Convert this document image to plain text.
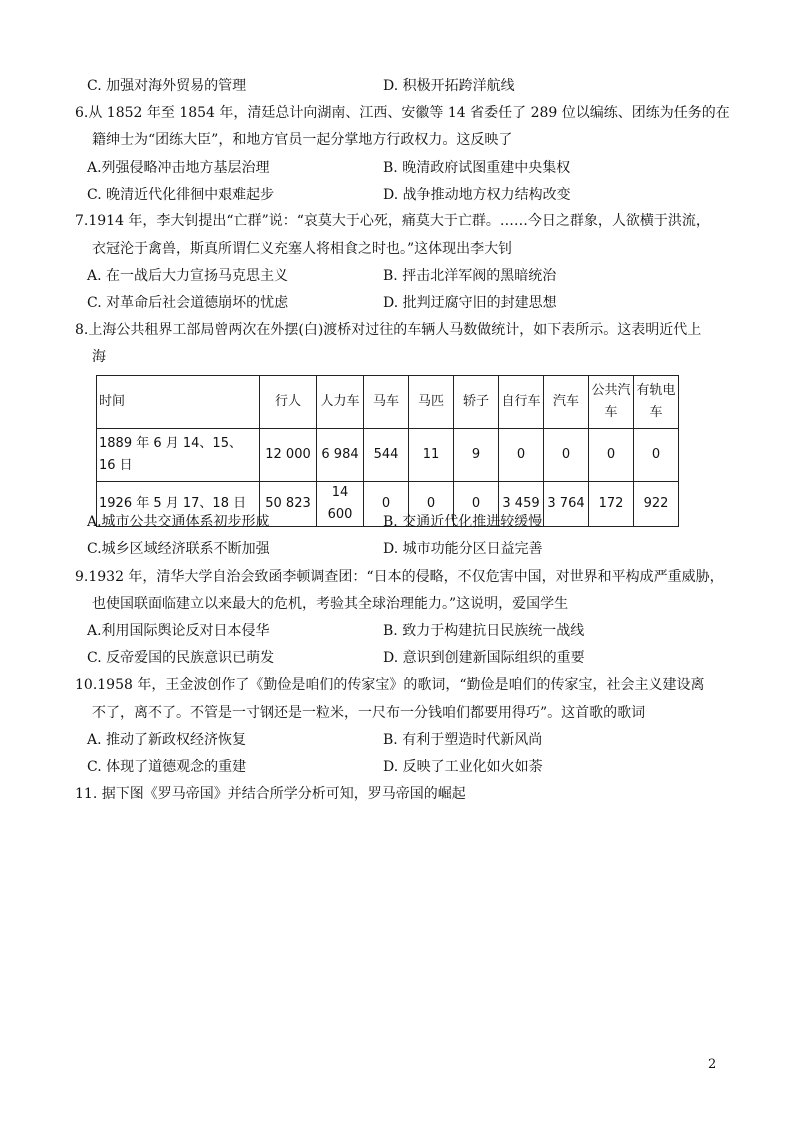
C. 加强对海外贸易的管理	D. 积极开拓跨洋航线
6.从 1852 年至 1854 年，清廷总计向湖南、江西、安徽等 14 省委任了 289 位以编练、团练为任务的在
籍绅士为“团练大臣”，和地方官员一起分掌地方行政权力。这反映了
A.列强侵略冲击地方基层治理	B. 晚清政府试图重建中央集权
C. 晚清近代化徘徊中艰难起步	D. 战争推动地方权力结构改变
7.1914 年，李大钊提出“亡群”说：“哀莫大于心死，痛莫大于亡群。……今日之群象，人欲横于洪流，
衣冠沦于禽兽，斯真所谓仁义充塞人将相食之时也。”这体现出李大钊
A. 在一战后大力宣扬马克思主义	B. 抨击北洋军阀的黑暗统治
C. 对革命后社会道德崩坏的忧虑	D. 批判迂腐守旧的封建思想
8.上海公共租界工部局曾两次在外摆(白)渡桥对过往的车辆人马数做统计，如下表所示。这表明近代上
海
时间	行人	人力车	马车	马匹	轿子	自行车	汽车	公共汽车	有轨电车
1889 年 6 月 14、15、16 日	12 000	6 984	544	11	9	0	0	0	0
1926 年 5 月 17、18 日	50 823	14 600	0	0	0	3 459	3 764	172	922
A.城市公共交通体系初步形成	B. 交通近代化推进较缓慢
C.城乡区域经济联系不断加强	D. 城市功能分区日益完善
9.1932 年，清华大学自治会致函李顿调查团：“日本的侵略，不仅危害中国，对世界和平构成严重威胁，
也使国联面临建立以来最大的危机，考验其全球治理能力。”这说明，爱国学生
A.利用国际舆论反对日本侵华	B. 致力于构建抗日民族统一战线
C. 反帝爱国的民族意识已萌发	D. 意识到创建新国际组织的重要
10.1958 年，王金波创作了《勤俭是咱们的传家宝》的歌词，“勤俭是咱们的传家宝，社会主义建设离
不了，离不了。不管是一寸钢还是一粒米，一尺布一分钱咱们都要用得巧”。这首歌的歌词
A. 推动了新政权经济恢复	B. 有利于塑造时代新风尚
C. 体现了道德观念的重建	D. 反映了工业化如火如荼
11. 据下图《罗马帝国》并结合所学分析可知，罗马帝国的崛起
2
